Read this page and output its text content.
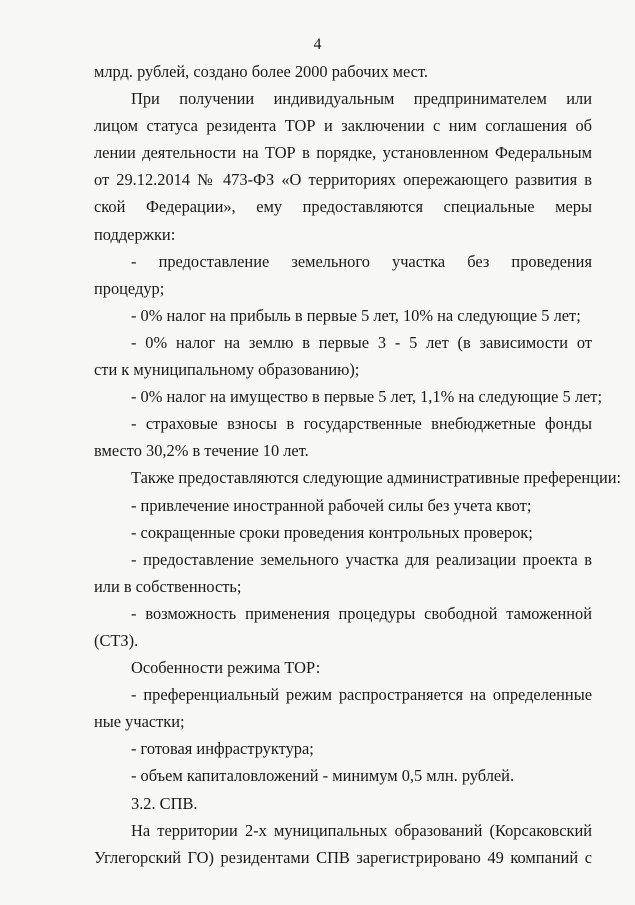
4
млрд. рублей, создано более 2000 рабочих мест.
При получении индивидуальным предпринимателем или
лицом статуса резидента ТОР и заключении с ним соглашения об
лении деятельности на ТОР в порядке, установленном Федеральным
от 29.12.2014 № 473-ФЗ «О территориях опережающего развития в
ской Федерации», ему предоставляются специальные меры
поддержки:
- предоставление земельного участка без проведения
процедур;
- 0% налог на прибыль в первые 5 лет, 10% на следующие 5 лет;
- 0% налог на землю в первые 3 - 5 лет (в зависимости от
сти к муниципальному образованию);
- 0% налог на имущество в первые 5 лет, 1,1% на следующие 5 лет;
- страховые взносы в государственные внебюджетные фонды
вместо 30,2% в течение 10 лет.
Также предоставляются следующие административные преференции:
- привлечение иностранной рабочей силы без учета квот;
- сокращенные сроки проведения контрольных проверок;
- предоставление земельного участка для реализации проекта в
или в собственность;
- возможность применения процедуры свободной таможенной
(СТЗ).
Особенности режима ТОР:
- преференциальный режим распространяется на определенные
ные участки;
- готовая инфраструктура;
- объем капиталовложений - минимум 0,5 млн. рублей.
3.2. СПВ.
На территории 2-х муниципальных образований (Корсаковский
Углегорский ГО) резидентами СПВ зарегистрировано 49 компаний с
